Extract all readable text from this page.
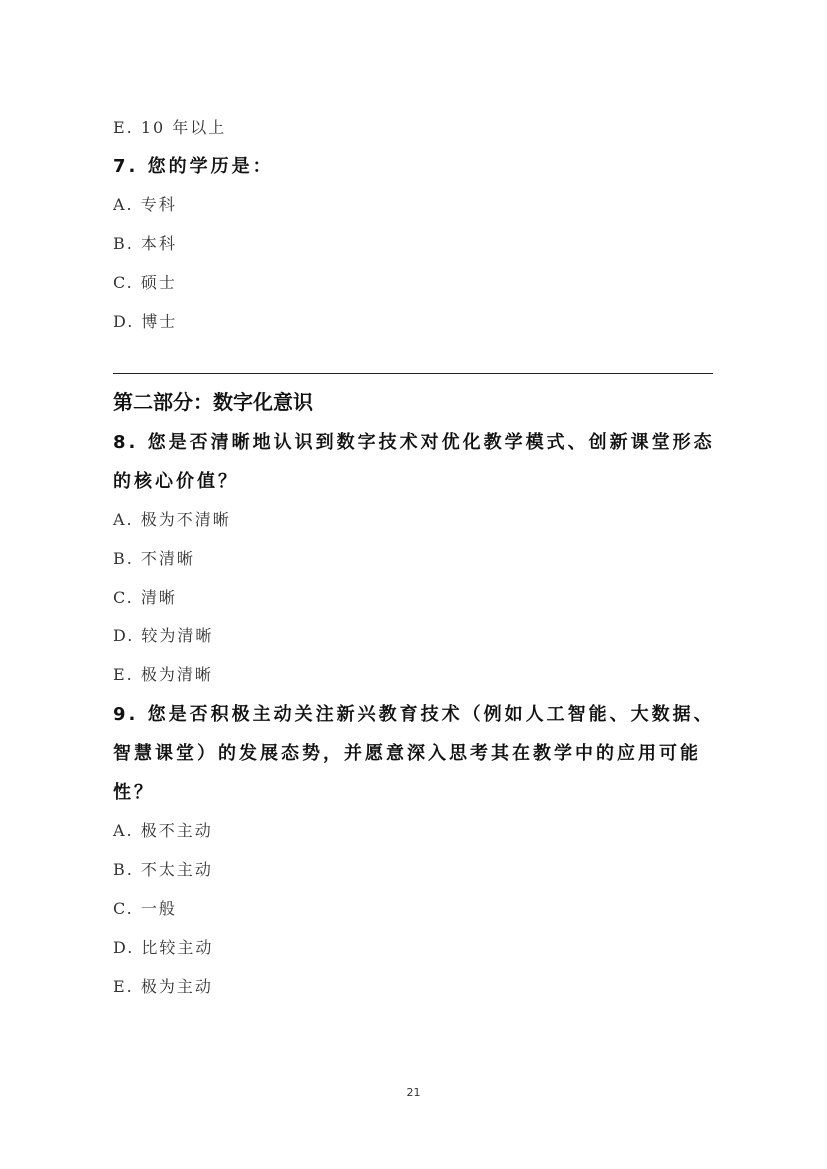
E. 10 年以上
7. 您的学历是：
A. 专科
B. 本科
C. 硕士
D. 博士
第二部分：数字化意识
8. 您是否清晰地认识到数字技术对优化教学模式、创新课堂形态
的核心价值？
A. 极为不清晰
B. 不清晰
C. 清晰
D. 较为清晰
E. 极为清晰
9. 您是否积极主动关注新兴教育技术（例如人工智能、大数据、
智慧课堂）的发展态势，并愿意深入思考其在教学中的应用可能
性？
A. 极不主动
B. 不太主动
C. 一般
D. 比较主动
E. 极为主动
21
